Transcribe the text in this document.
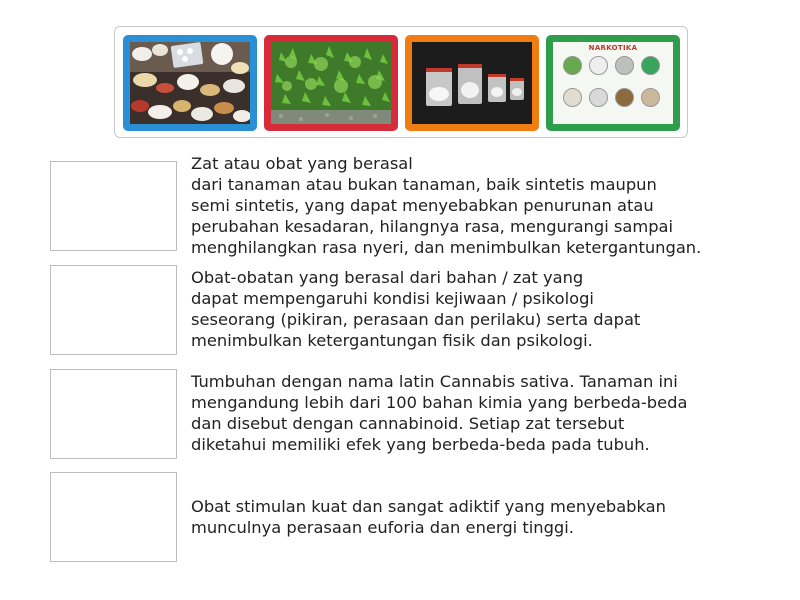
NARKOTIKA
Zat atau obat yang berasal
dari tanaman atau bukan tanaman, baik sintetis maupun
semi sintetis, yang dapat menyebabkan penurunan atau
perubahan kesadaran, hilangnya rasa, mengurangi sampai
menghilangkan rasa nyeri, dan menimbulkan ketergantungan.
Obat-obatan yang berasal dari bahan / zat yang
dapat mempengaruhi kondisi kejiwaan / psikologi
seseorang (pikiran, perasaan dan perilaku) serta dapat
menimbulkan ketergantungan fisik dan psikologi.
Tumbuhan dengan nama latin Cannabis sativa. Tanaman ini
mengandung lebih dari 100 bahan kimia yang berbeda-beda
dan disebut dengan cannabinoid. Setiap zat tersebut
diketahui memiliki efek yang berbeda-beda pada tubuh.
Obat stimulan kuat dan sangat adiktif yang menyebabkan
munculnya perasaan euforia dan energi tinggi.
